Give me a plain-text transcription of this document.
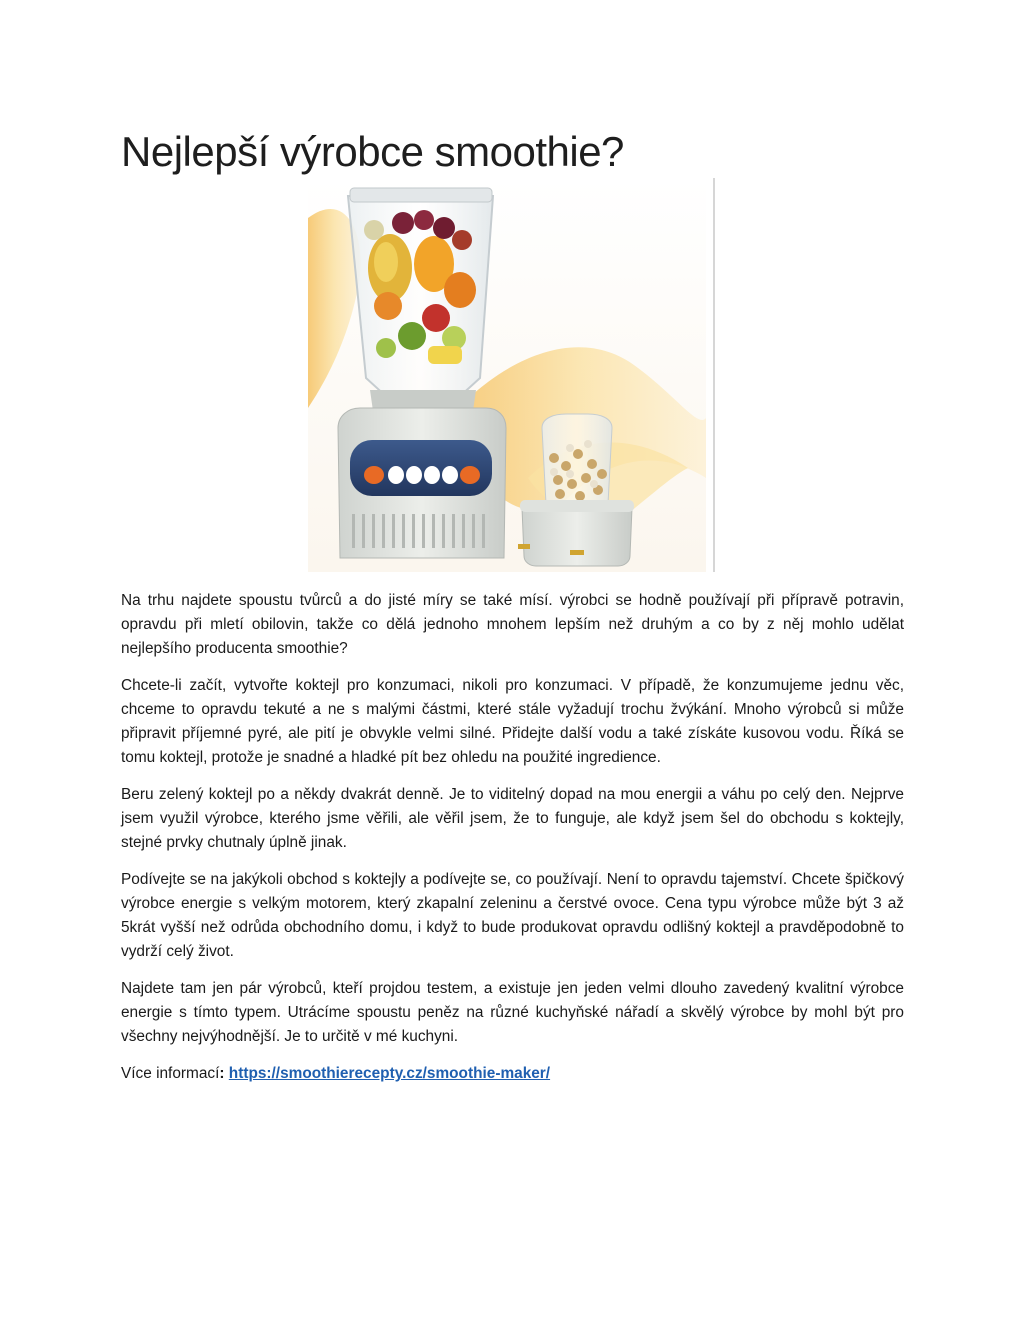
Nejlepší výrobce smoothie?

Na trhu najdete spoustu tvůrců a do jisté míry se také mísí. výrobci se hodně používají při přípravě potravin, opravdu při mletí obilovin, takže co dělá jednoho mnohem lepším než druhým a co by z něj mohlo udělat nejlepšího producenta smoothie?

Chcete-li začít, vytvořte koktejl pro konzumaci, nikoli pro konzumaci. V případě, že konzumujeme jednu věc, chceme to opravdu tekuté a ne s malými částmi, které stále vyžadují trochu žvýkání. Mnoho výrobců si může připravit příjemné pyré, ale pití je obvykle velmi silné. Přidejte další vodu a také získáte kusovou vodu. Říká se tomu koktejl, protože je snadné a hladké pít bez ohledu na použité ingredience.

Beru zelený koktejl po a někdy dvakrát denně. Je to viditelný dopad na mou energii a váhu po celý den. Nejprve jsem využil výrobce, kterého jsme věřili, ale věřil jsem, že to funguje, ale když jsem šel do obchodu s koktejly, stejné prvky chutnaly úplně jinak.

Podívejte se na jakýkoli obchod s koktejly a podívejte se, co používají. Není to opravdu tajemství. Chcete špičkový výrobce energie s velkým motorem, který zkapalní zeleninu a čerstvé ovoce. Cena typu výrobce může být 3 až 5krát vyšší než odrůda obchodního domu, i když to bude produkovat opravdu odlišný koktejl a pravděpodobně to vydrží celý život.

Najdete tam jen pár výrobců, kteří projdou testem, a existuje jen jeden velmi dlouho zavedený kvalitní výrobce energie s tímto typem. Utrácíme spoustu peněz na různé kuchyňské nářadí a skvělý výrobce by mohl být pro všechny nejvýhodnější. Je to určitě v mé kuchyni.

Více informací: https://smoothierecepty.cz/smoothie-maker/
